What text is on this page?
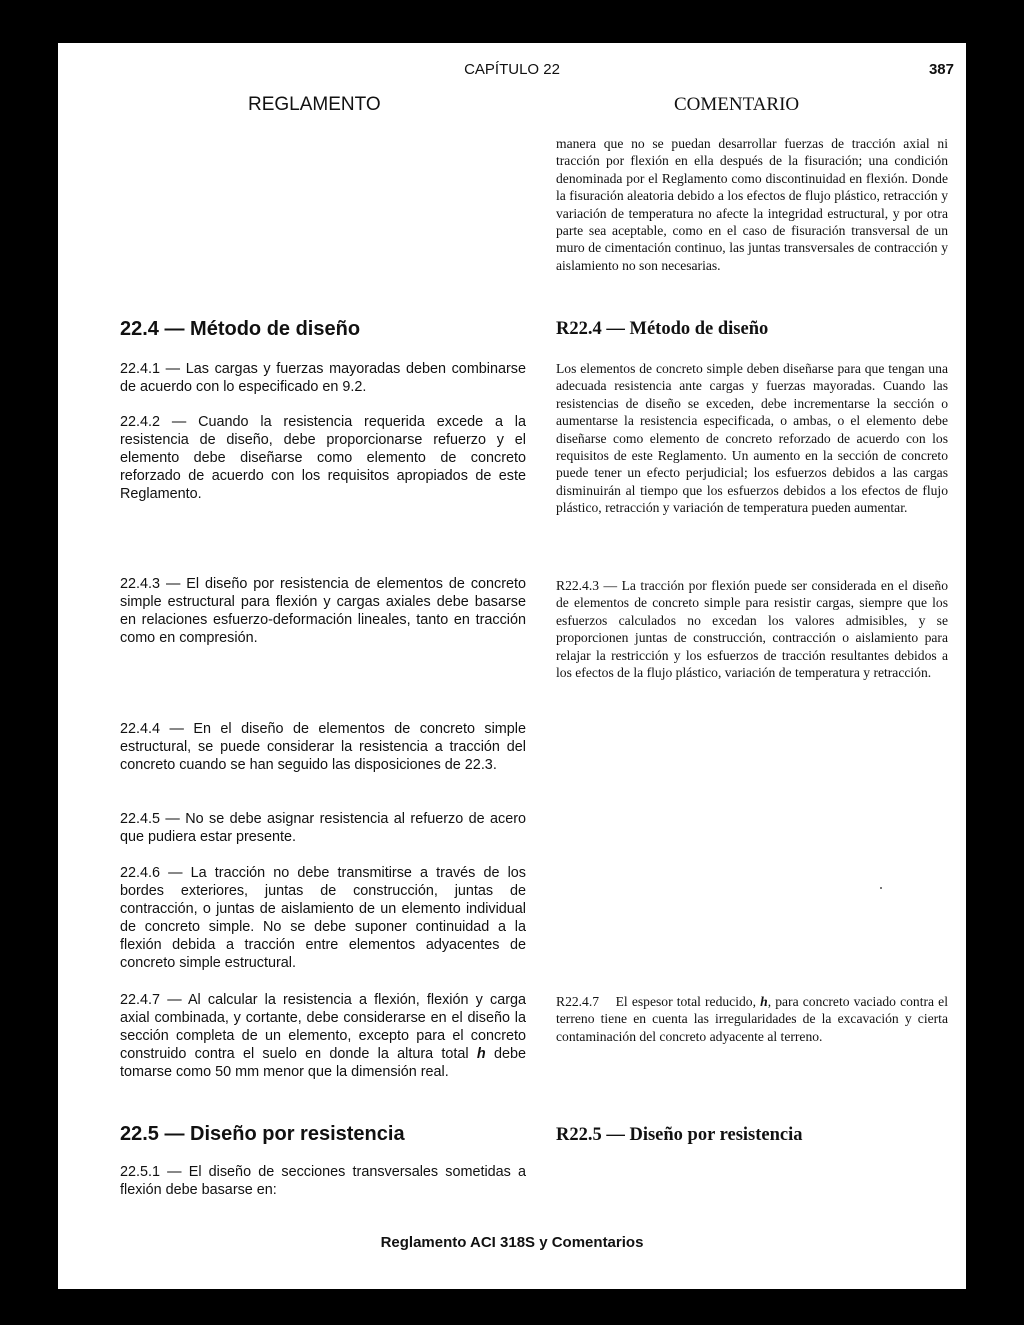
CAPÍTULO 22	387
REGLAMENTO	COMENTARIO

manera que no se puedan desarrollar fuerzas de tracción axial ni tracción por flexión en ella después de la fisuración; una condición denominada por el Reglamento como discontinuidad en flexión. Donde la fisuración aleatoria debido a los efectos de flujo plástico, retracción y variación de temperatura no afecte la integridad estructural, y por otra parte sea aceptable, como en el caso de fisuración transversal de un muro de cimentación continuo, las juntas transversales de contracción y aislamiento no son necesarias.

22.4 — Método de diseño	R22.4 — Método de diseño

22.4.1 — Las cargas y fuerzas mayoradas deben combinarse de acuerdo con lo especificado en 9.2.

Los elementos de concreto simple deben diseñarse para que tengan una adecuada resistencia ante cargas y fuerzas mayoradas. Cuando las resistencias de diseño se exceden, debe incrementarse la sección o aumentarse la resistencia especificada, o ambas, o el elemento debe diseñarse como elemento de concreto reforzado de acuerdo con los requisitos de este Reglamento. Un aumento en la sección de concreto puede tener un efecto perjudicial; los esfuerzos debidos a las cargas disminuirán al tiempo que los esfuerzos debidos a los efectos de flujo plástico, retracción y variación de temperatura pueden aumentar.

22.4.2 — Cuando la resistencia requerida excede a la resistencia de diseño, debe proporcionarse refuerzo y el elemento debe diseñarse como elemento de concreto reforzado de acuerdo con los requisitos apropiados de este Reglamento.

22.4.3 — El diseño por resistencia de elementos de concreto simple estructural para flexión y cargas axiales debe basarse en relaciones esfuerzo-deformación lineales, tanto en tracción como en compresión.

R22.4.3 — La tracción por flexión puede ser considerada en el diseño de elementos de concreto simple para resistir cargas, siempre que los esfuerzos calculados no excedan los valores admisibles, y se proporcionen juntas de construcción, contracción o aislamiento para relajar la restricción y los esfuerzos de tracción resultantes debidos a los efectos de la flujo plástico, variación de temperatura y retracción.

22.4.4 — En el diseño de elementos de concreto simple estructural, se puede considerar la resistencia a tracción del concreto cuando se han seguido las disposiciones de 22.3.

22.4.5 — No se debe asignar resistencia al refuerzo de acero que pudiera estar presente.

22.4.6 — La tracción no debe transmitirse a través de los bordes exteriores, juntas de construcción, juntas de contracción, o juntas de aislamiento de un elemento individual de concreto simple. No se debe suponer continuidad a la flexión debida a tracción entre elementos adyacentes de concreto simple estructural.

22.4.7 — Al calcular la resistencia a flexión, flexión y carga axial combinada, y cortante, debe considerarse en el diseño la sección completa de un elemento, excepto para el concreto construido contra el suelo en donde la altura total h debe tomarse como 50 mm menor que la dimensión real.

R22.4.7 El espesor total reducido, h, para concreto vaciado contra el terreno tiene en cuenta las irregularidades de la excavación y cierta contaminación del concreto adyacente al terreno.

22.5 — Diseño por resistencia	R22.5 — Diseño por resistencia

22.5.1 — El diseño de secciones transversales sometidas a flexión debe basarse en:

Reglamento ACI 318S y Comentarios
